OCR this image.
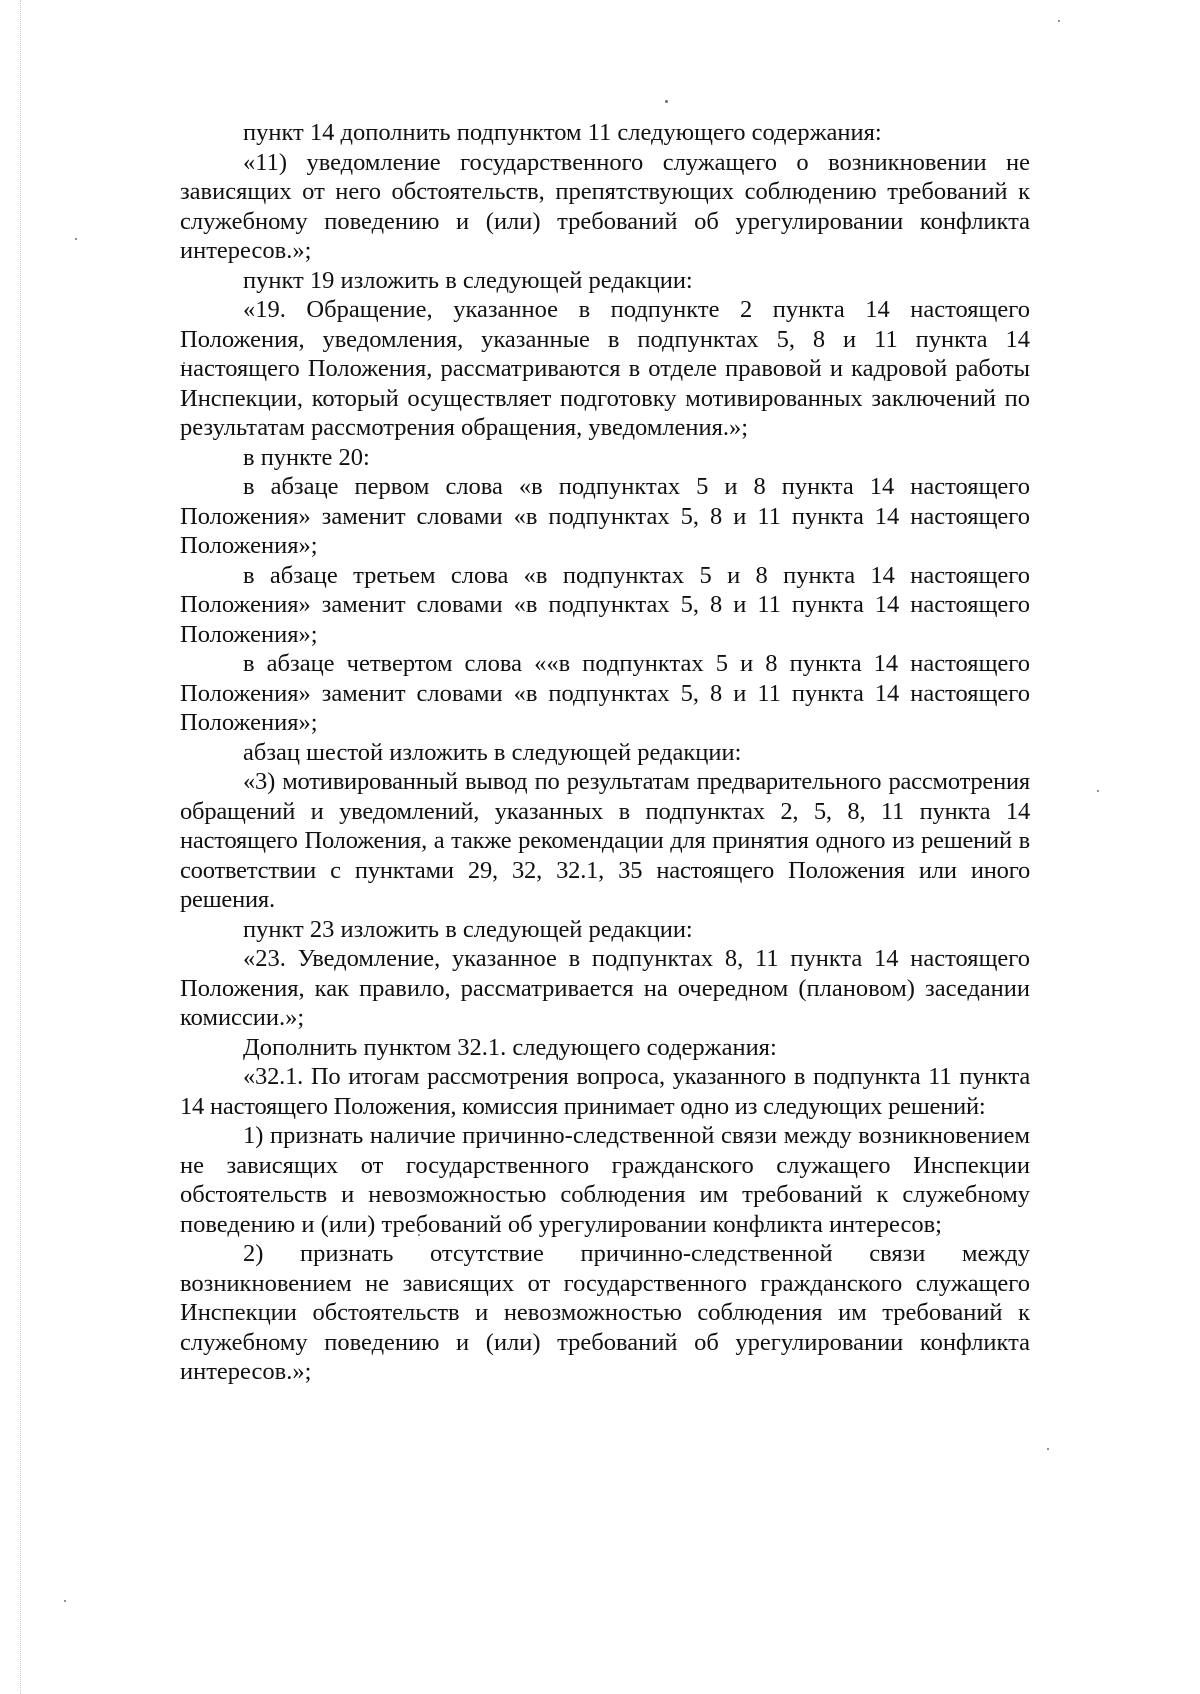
пункт 14 дополнить подпунктом 11 следующего содержания:

«11) уведомление государственного служащего о возникновении не зависящих от него обстоятельств, препятствующих соблюдению требований к служебному поведению и (или) требований об урегулировании конфликта интересов.»;

пункт 19 изложить в следующей редакции:

«19. Обращение, указанное в подпункте 2 пункта 14 настоящего Положения, уведомления, указанные в подпунктах 5, 8 и 11 пункта 14 настоящего Положения, рассматриваются в отделе правовой и кадровой работы Инспекции, который осуществляет подготовку мотивированных заключений по результатам рассмотрения обращения, уведомления.»;

в пункте 20:

в абзаце первом слова «в подпунктах 5 и 8 пункта 14 настоящего Положения» заменит словами «в подпунктах 5, 8 и 11 пункта 14 настоящего Положения»;

в абзаце третьем слова «в подпунктах 5 и 8 пункта 14 настоящего Положения» заменит словами «в подпунктах 5, 8 и 11 пункта 14 настоящего Положения»;

в абзаце четвертом слова ««в подпунктах 5 и 8 пункта 14 настоящего Положения» заменит словами «в подпунктах 5, 8 и 11 пункта 14 настоящего Положения»;

абзац шестой изложить в следующей редакции:

«3) мотивированный вывод по результатам предварительного рассмотрения обращений и уведомлений, указанных в подпунктах 2, 5, 8, 11 пункта 14 настоящего Положения, а также рекомендации для принятия одного из решений в соответствии с пунктами 29, 32, 32.1, 35 настоящего Положения или иного решения.

пункт 23 изложить в следующей редакции:

«23. Уведомление, указанное в подпунктах 8, 11 пункта 14 настоящего Положения, как правило, рассматривается на очередном (плановом) заседании комиссии.»;

Дополнить пунктом 32.1. следующего содержания:

«32.1. По итогам рассмотрения вопроса, указанного в подпункта 11 пункта 14 настоящего Положения, комиссия принимает одно из следующих решений:

1) признать наличие причинно-следственной связи между возникновением не зависящих от государственного гражданского служащего Инспекции обстоятельств и невозможностью соблюдения им требований к служебному поведению и (или) требований об урегулировании конфликта интересов;

2) признать отсутствие причинно-следственной связи между возникновением не зависящих от государственного гражданского служащего Инспекции обстоятельств и невозможностью соблюдения им требований к служебному поведению и (или) требований об урегулировании конфликта интересов.»;
